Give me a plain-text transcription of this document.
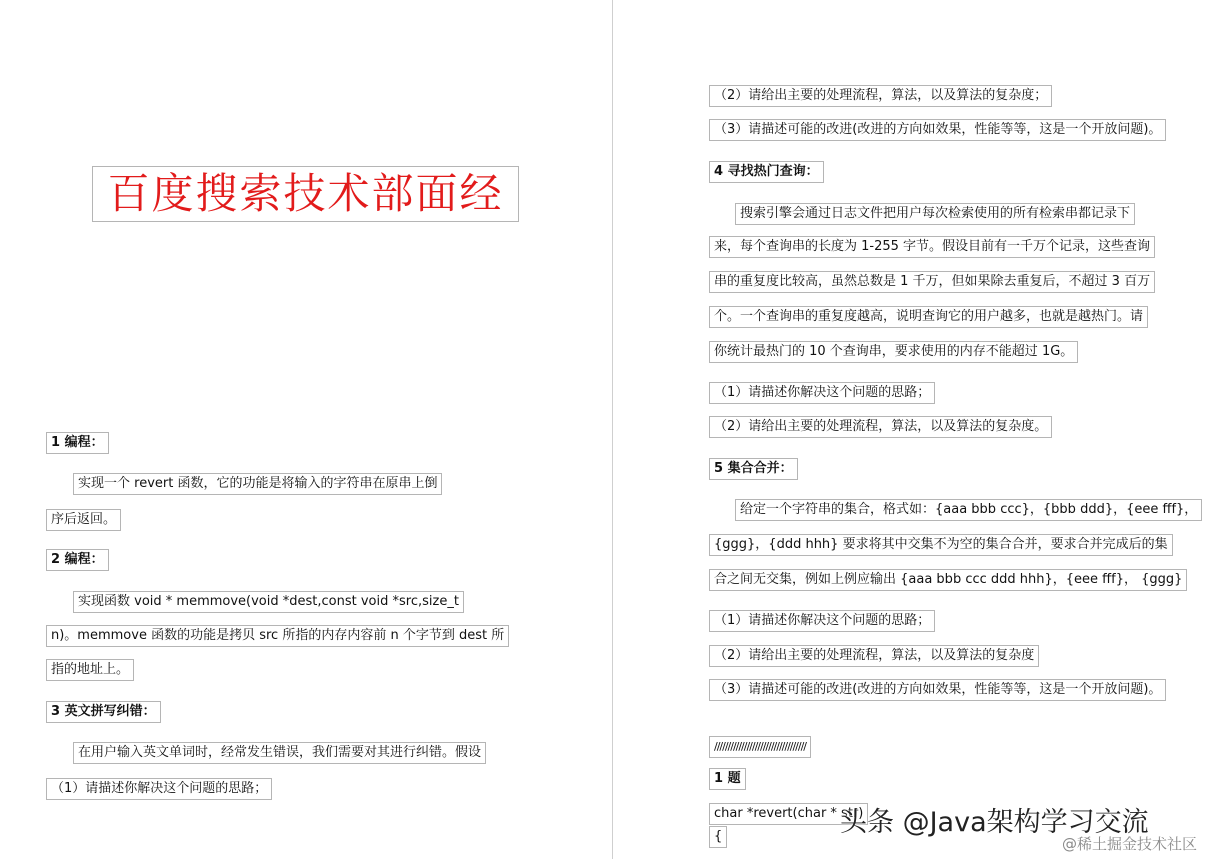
百度搜索技术部面经
1 编程：
实现一个 revert 函数，它的功能是将输入的字符串在原串上倒
序后返回。
2 编程：
实现函数 void * memmove(void *dest,const void *src,size_t
n)。memmove 函数的功能是拷贝 src 所指的内存内容前 n 个字节到 dest 所
指的地址上。
3 英文拼写纠错：
在用户输入英文单词时，经常发生错误，我们需要对其进行纠错。假设
（1）请描述你解决这个问题的思路；
（2）请给出主要的处理流程，算法，以及算法的复杂度；
（3）请描述可能的改进(改进的方向如效果，性能等等，这是一个开放问题)。
4 寻找热门查询：
搜索引擎会通过日志文件把用户每次检索使用的所有检索串都记录下
来，每个查询串的长度为 1-255 字节。假设目前有一千万个记录，这些查询
串的重复度比较高，虽然总数是 1 千万，但如果除去重复后，不超过 3 百万
个。一个查询串的重复度越高，说明查询它的用户越多，也就是越热门。请
你统计最热门的 10 个查询串，要求使用的内存不能超过 1G。
（1）请描述你解决这个问题的思路；
（2）请给出主要的处理流程，算法，以及算法的复杂度。
5 集合合并：
给定一个字符串的集合，格式如：{aaa bbb ccc}，{bbb ddd}，{eee fff}，
{ggg}，{ddd hhh} 要求将其中交集不为空的集合合并，要求合并完成后的集
合之间无交集，例如上例应输出 {aaa bbb ccc ddd hhh}，{eee fff}， {ggg}
（1）请描述你解决这个问题的思路；
（2）请给出主要的处理流程，算法，以及算法的复杂度
（3）请描述可能的改进(改进的方向如效果，性能等等，这是一个开放问题)。
//////////////////////////////////
1 题
char *revert(char * str)
{	头条 @Java架构学习交流
@稀土掘金技术社区
